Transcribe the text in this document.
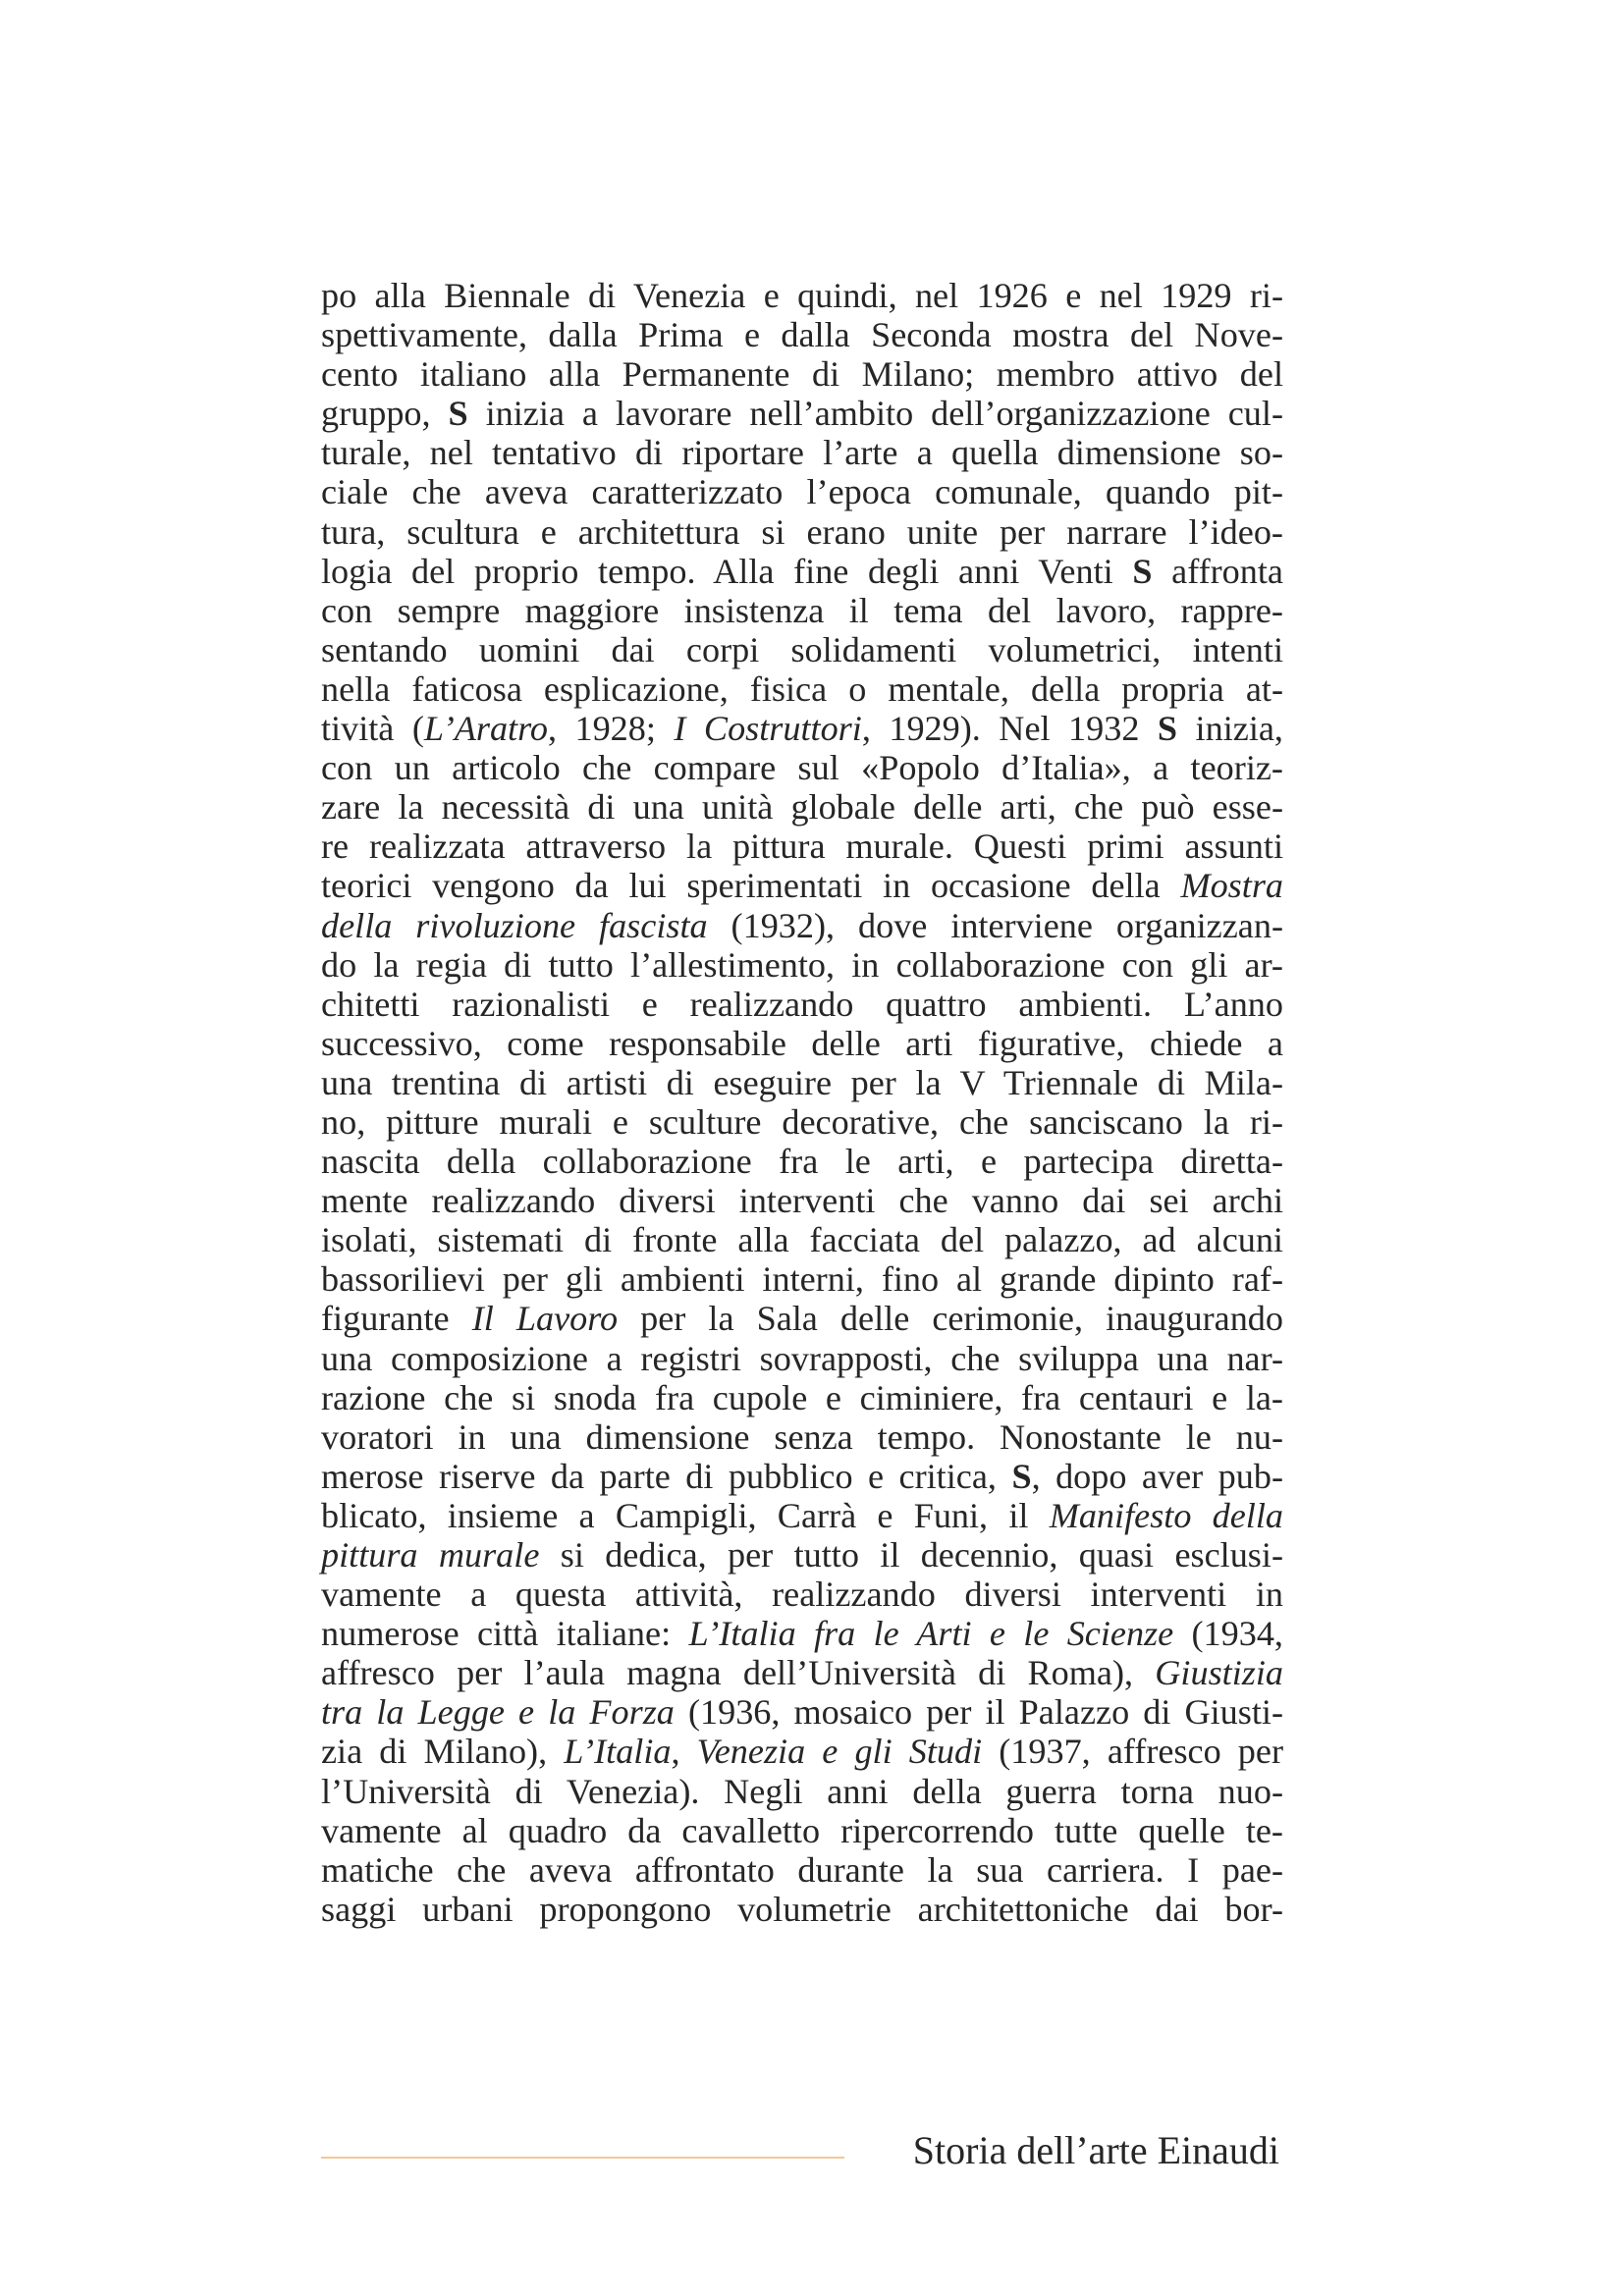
po alla Biennale di Venezia e quindi, nel 1926 e nel 1929 ri-
spettivamente, dalla Prima e dalla Seconda mostra del Nove-
cento italiano alla Permanente di Milano; membro attivo del
gruppo, S inizia a lavorare nell’ambito dell’organizzazione cul-
turale, nel tentativo di riportare l’arte a quella dimensione so-
ciale che aveva caratterizzato l’epoca comunale, quando pit-
tura, scultura e architettura si erano unite per narrare l’ideo-
logia del proprio tempo. Alla fine degli anni Venti S affronta
con sempre maggiore insistenza il tema del lavoro, rappre-
sentando uomini dai corpi solidamenti volumetrici, intenti
nella faticosa esplicazione, fisica o mentale, della propria at-
tività (L’Aratro, 1928; I Costruttori, 1929). Nel 1932 S inizia,
con un articolo che compare sul «Popolo d’Italia», a teoriz-
zare la necessità di una unità globale delle arti, che può esse-
re realizzata attraverso la pittura murale. Questi primi assunti
teorici vengono da lui sperimentati in occasione della Mostra
della rivoluzione fascista (1932), dove interviene organizzan-
do la regia di tutto l’allestimento, in collaborazione con gli ar-
chitetti razionalisti e realizzando quattro ambienti. L’anno
successivo, come responsabile delle arti figurative, chiede a
una trentina di artisti di eseguire per la V Triennale di Mila-
no, pitture murali e sculture decorative, che sanciscano la ri-
nascita della collaborazione fra le arti, e partecipa diretta-
mente realizzando diversi interventi che vanno dai sei archi
isolati, sistemati di fronte alla facciata del palazzo, ad alcuni
bassorilievi per gli ambienti interni, fino al grande dipinto raf-
figurante Il Lavoro per la Sala delle cerimonie, inaugurando
una composizione a registri sovrapposti, che sviluppa una nar-
razione che si snoda fra cupole e ciminiere, fra centauri e la-
voratori in una dimensione senza tempo. Nonostante le nu-
merose riserve da parte di pubblico e critica, S, dopo aver pub-
blicato, insieme a Campigli, Carrà e Funi, il Manifesto della
pittura murale si dedica, per tutto il decennio, quasi esclusi-
vamente a questa attività, realizzando diversi interventi in
numerose città italiane: L’Italia fra le Arti e le Scienze (1934,
affresco per l’aula magna dell’Università di Roma), Giustizia
tra la Legge e la Forza (1936, mosaico per il Palazzo di Giusti-
zia di Milano), L’Italia, Venezia e gli Studi (1937, affresco per
l’Università di Venezia). Negli anni della guerra torna nuo-
vamente al quadro da cavalletto ripercorrendo tutte quelle te-
matiche che aveva affrontato durante la sua carriera. I pae-
saggi urbani propongono volumetrie architettoniche dai bor-
Storia dell’arte Einaudi
